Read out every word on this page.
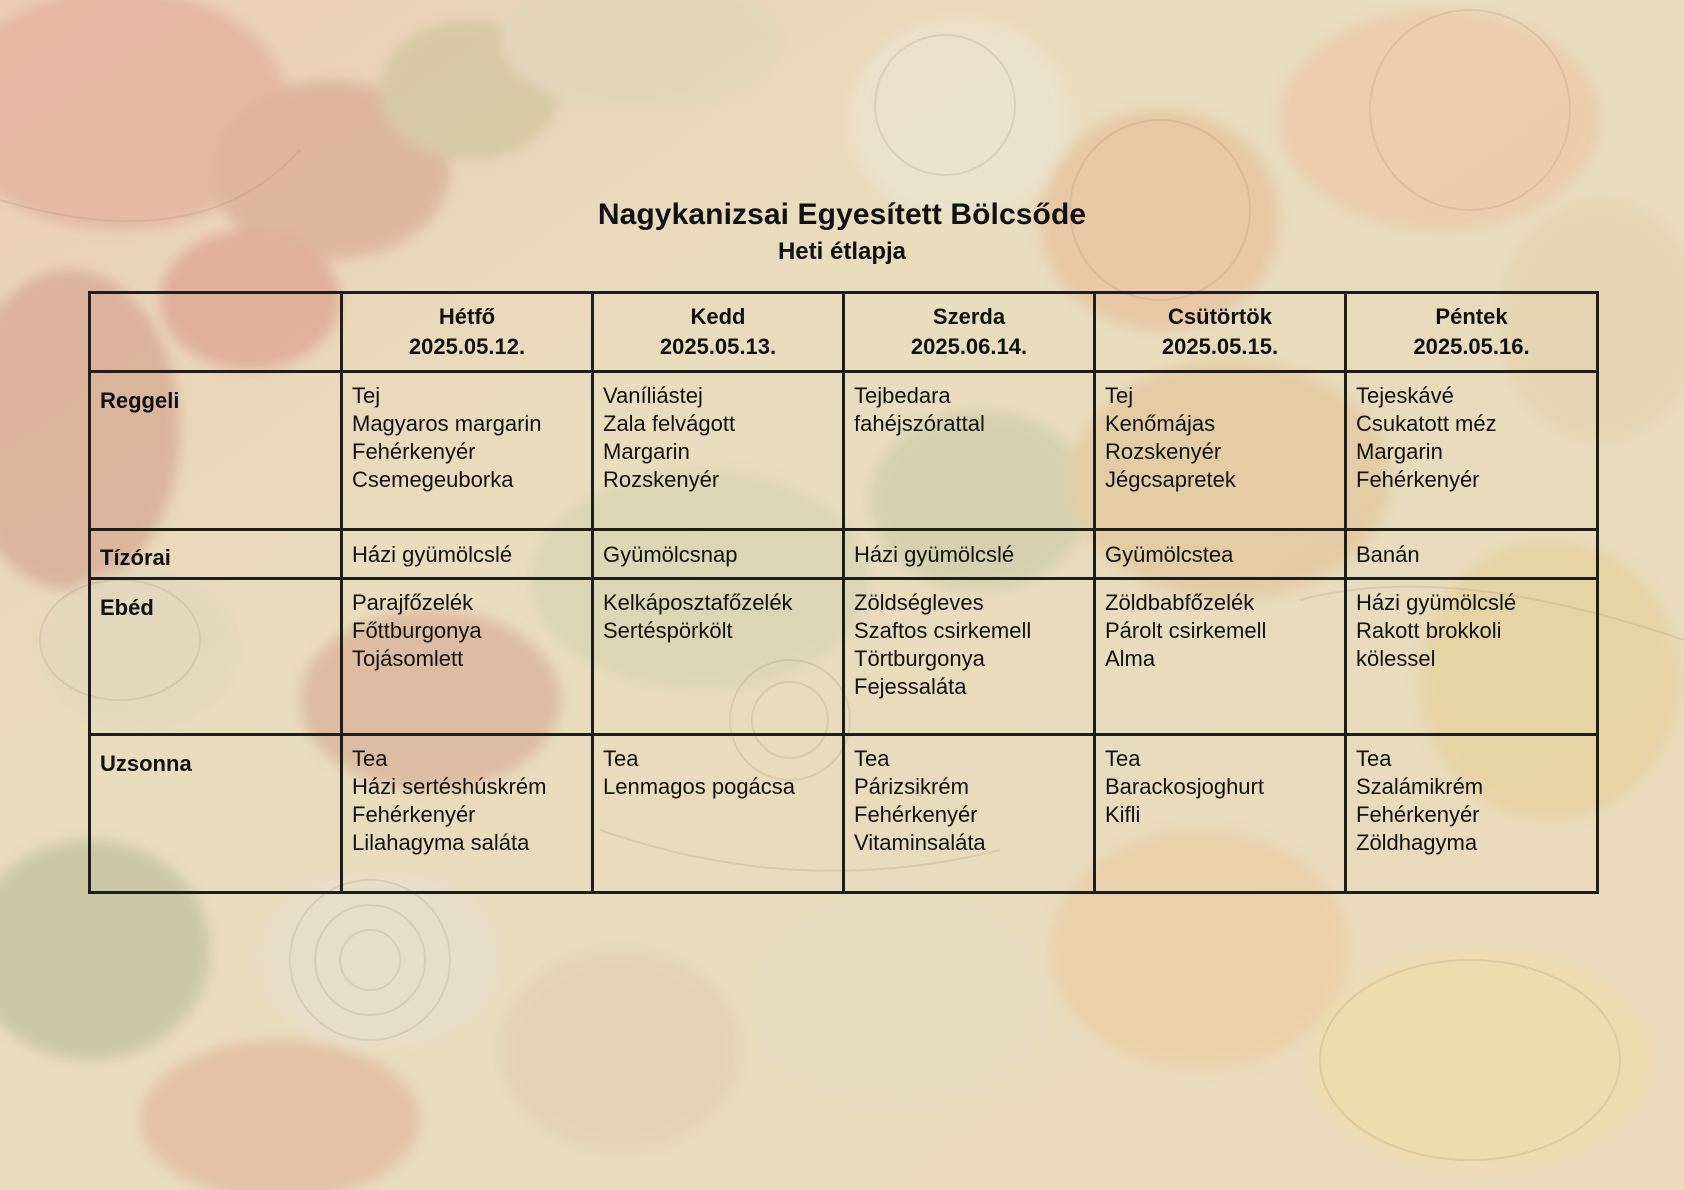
Nagykanizsai Egyesített Bölcsőde
Heti étlapja

	Hétfő
2025.05.12.	Kedd
2025.05.13.	Szerda
2025.06.14.	Csütörtök
2025.05.15.	Péntek
2025.05.16.

Reggeli	Tej
Magyaros margarin
Fehérkenyér
Csemegeuborka	Vaníliástej
Zala felvágott
Margarin
Rozskenyér	Tejbedara
fahéjszórattal	Tej
Kenőmájas
Rozskenyér
Jégcsapretek	Tejeskávé
Csukatott méz
Margarin
Fehérkenyér

Tízórai	Házi gyümölcslé	Gyümölcsnap	Házi gyümölcslé	Gyümölcstea	Banán

Ebéd	Parajfőzelék
Főttburgonya
Tojásomlett	Kelkáposztafőzelék
Sertéspörkölt	Zöldségleves
Szaftos csirkemell
Törtburgonya
Fejessaláta	Zöldbabfőzelék
Párolt csirkemell
Alma	Házi gyümölcslé
Rakott brokkoli
kölessel

Uzsonna	Tea
Házi sertéshúskrém
Fehérkenyér
Lilahagyma saláta	Tea
Lenmagos pogácsa	Tea
Párizsikrém
Fehérkenyér
Vitaminsaláta	Tea
Barackosjoghurt
Kifli	Tea
Szalámikrém
Fehérkenyér
Zöldhagyma
